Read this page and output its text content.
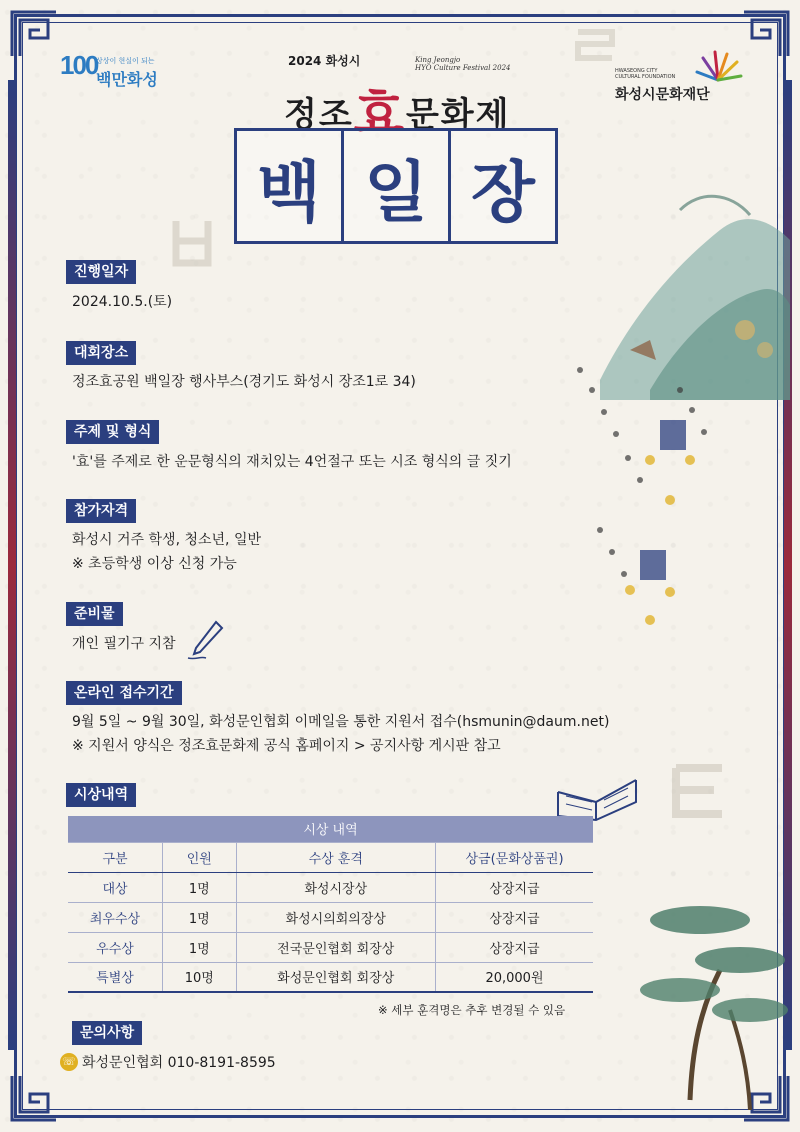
100
상상이 현실이 되는
백만화성
2024 화성시	King Jeongjo
HYO Culture Festival 2024
정조효문화제
HWASEONG CITY
CULTURAL FOUNDATION
화성시문화재단
백 일 장
진행일자
2024.10.5.(토)
대회장소
정조효공원 백일장 행사부스(경기도 화성시 장조1로 34)
주제 및 형식
'효'를 주제로 한 운문형식의 재치있는 4언절구 또는 시조 형식의 글 짓기
참가자격
화성시 거주 학생, 청소년, 일반
※ 초등학생 이상 신청 가능
준비물
개인 필기구 지참
온라인 접수기간
9월 5일 ~ 9월 30일, 화성문인협회 이메일을 통한 지원서 접수(hsmunin@daum.net)
※ 지원서 양식은 정조효문화제 공식 홈페이지 > 공지사항 게시판 참고
시상내역
시상 내역			
구분	인원	수상 훈격	상금(문화상품권)
대상	1명	화성시장상	상장지급
최우수상	1명	화성시의회의장상	상장지급
우수상	1명	전국문인협회 회장상	상장지급
특별상	10명	화성문인협회 회장상	20,000원
※ 세부 훈격명은 추후 변경될 수 있음
문의사항
☏ 화성문인협회 010-8191-8595
